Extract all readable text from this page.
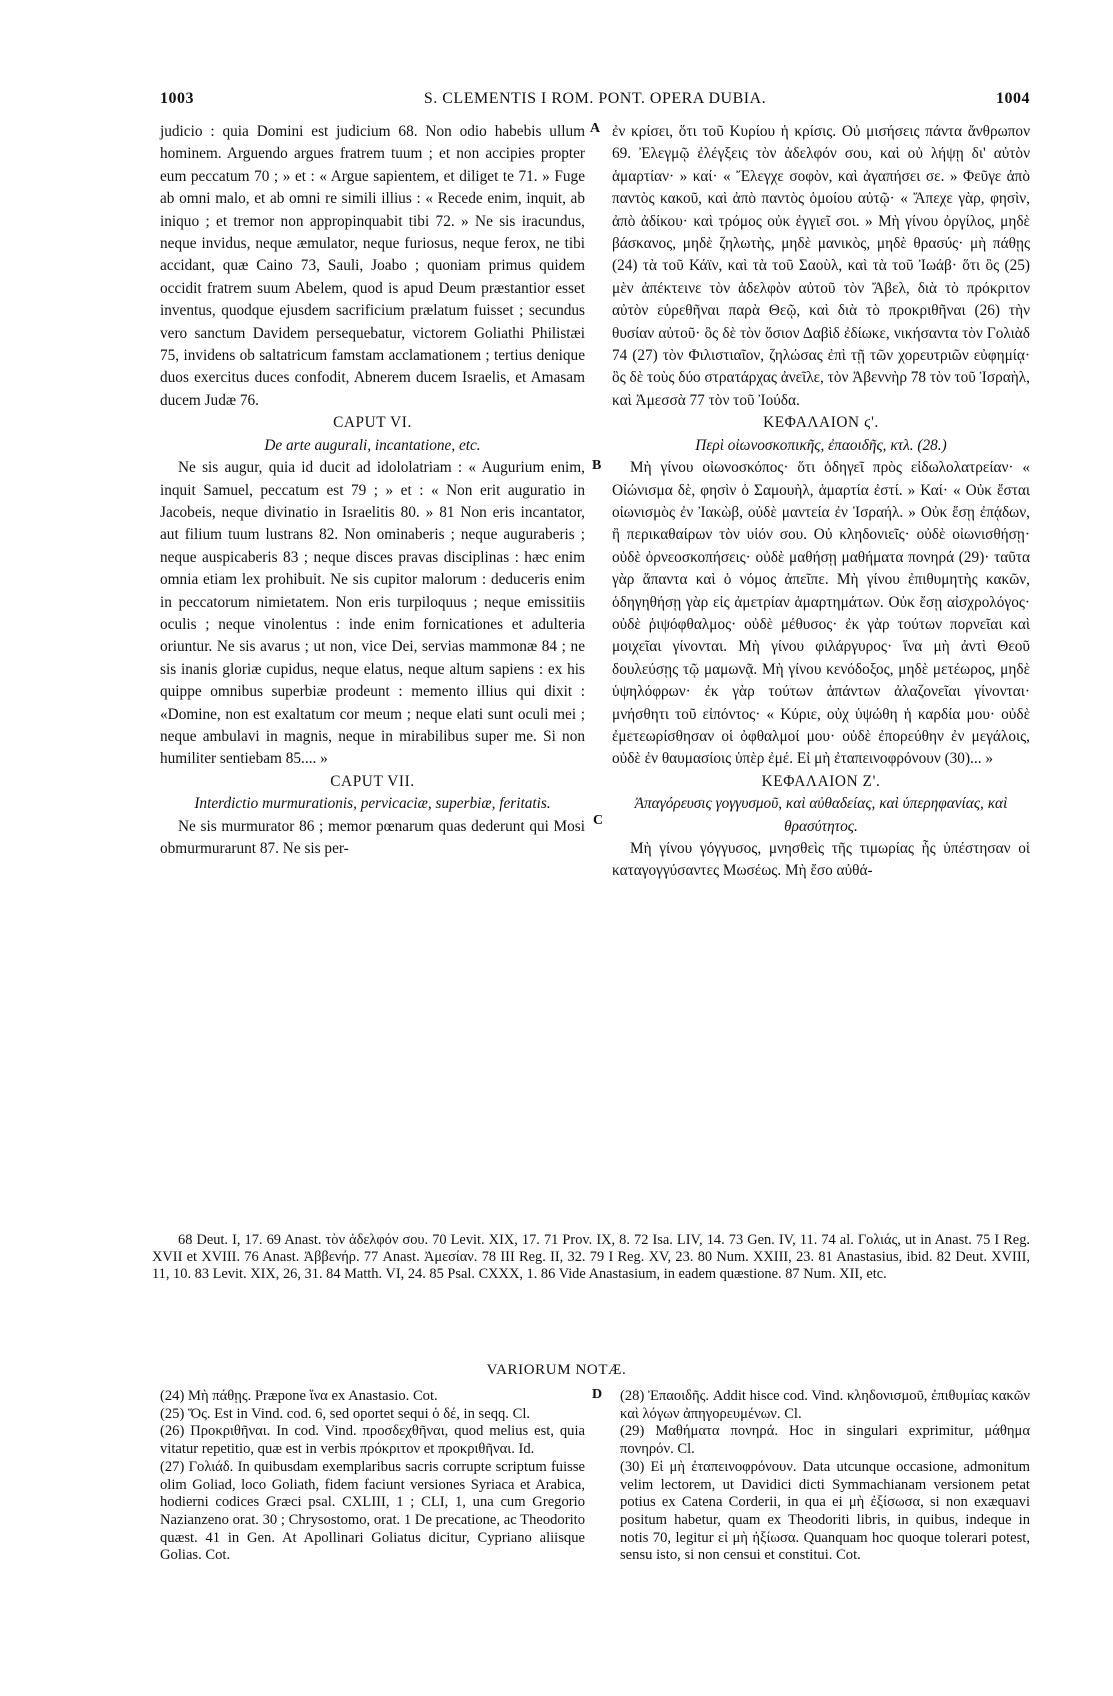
1003	S. CLEMENTIS I ROM. PONT. OPERA DUBIA.	1004
A
B
C
D

judicio : quia Domini est judicium 68. Non odio habebis ullum hominem. Arguendo argues fratrem tuum ; et non accipies propter eum peccatum 70 ; » et : « Argue sapientem, et diliget te 71. » Fuge ab omni malo, et ab omni re simili illius : « Recede enim, inquit, ab iniquo ; et tremor non appropinquabit tibi 72. » Ne sis iracundus, neque invidus, neque æmulator, neque furiosus, neque ferox, ne tibi accidant, quæ Caino 73, Sauli, Joabo ; quoniam primus quidem occidit fratrem suum Abelem, quod is apud Deum præstantior esset inventus, quodque ejusdem sacrificium prælatum fuisset ; secundus vero sanctum Davidem persequebatur, victorem Goliathi Philistæi 75, invidens ob saltatricum famstam acclamationem ; tertius denique duos exercitus duces confodit, Abnerem ducem Israelis, et Amasam ducem Judæ 76.

CAPUT VI.

De arte augurali, incantatione, etc.

Ne sis augur, quia id ducit ad idololatriam : « Augurium enim, inquit Samuel, peccatum est 79 ; » et : « Non erit auguratio in Jacobeis, neque divinatio in Israelitis 80. » 81 Non eris incantator, aut filium tuum lustrans 82. Non ominaberis ; neque augurаberis ; neque auspicaberis 83 ; neque disces pravas disciplinas : hæc enim omnia etiam lex prohibuit. Ne sis cupitor malorum : deduceris enim in peccatorum nimietatem. Non eris turpiloquus ; neque emissitiis oculis ; neque vinolentus : inde enim fornicationes et adulteria oriuntur. Ne sis avarus ; ut non, vice Dei, servias mammonæ 84 ; ne sis inanis gloriæ cupidus, neque elatus, neque altum sapiens : ex his quippe omnibus superbiæ prodeunt : memento illius qui dixit : «Domine, non est exaltatum cor meum ; neque elati sunt oculi mei ; neque ambulavi in magnis, neque in mirabilibus super me. Si non humiliter sentiebam 85.... »

CAPUT VII.

Interdictio murmurationis, pervicaciæ, superbiæ, feritatis.

Ne sis murmurator 86 ; memor pœnarum quas dederunt qui Mosi obmurmurarunt 87. Ne sis per-

ἐν κρίσει, ὅτι τοῦ Κυρίου ἡ κρίσις. Οὐ μισήσεις πάντα ἄνθρωπον 69. Ἐλεγμῷ ἐλέγξεις τὸν ἀδελφόν σου, καὶ οὐ λήψῃ δι' αὐτὸν ἁμαρτίαν· » καί· « Ἔλεγχε σοφὸν, καὶ ἀγαπήσει σε. » Φεῦγε ἀπὸ παντὸς κακοῦ, καὶ ἀπὸ παντὸς ὁμοίου αὐτῷ· « Ἄπεχε γὰρ, φησὶν, ἀπὸ ἀδίκου· καὶ τρόμος οὐκ ἐγγιεῖ σοι. » Μὴ γίνου ὀργίλος, μηδὲ βάσκανος, μηδὲ ζηλωτὴς, μηδὲ μανικὸς, μηδὲ θρασύς· μὴ πάθῃς (24) τὰ τοῦ Κάϊν, καὶ τὰ τοῦ Σαοὺλ, καὶ τὰ τοῦ Ἰωάβ· ὅτι ὃς (25) μὲν ἀπέκτεινε τὸν ἀδελφὸν αὐτοῦ τὸν Ἄβελ, διὰ τὸ πρόκριτον αὐτὸν εὑρεθῆναι παρὰ Θεῷ, καὶ διὰ τὸ προκριθῆναι (26) τὴν θυσίαν αὐτοῦ· ὃς δὲ τὸν ὅσιον Δαβὶδ ἐδίωκε, νικήσαντα τὸν Γολιὰδ 74 (27) τὸν Φιλιστιαῖον, ζηλώσας ἐπὶ τῇ τῶν χορευτριῶν εὐφημίᾳ· ὃς δὲ τοὺς δύο στρατάρχας ἀνεῖλε, τὸν Ἀβεννὴρ 78 τὸν τοῦ Ἰσραὴλ, καὶ Ἀμεσσὰ 77 τὸν τοῦ Ἰούδα.

ΚΕΦΑΛΑΙΟΝ ϛ'.

Περὶ οἰωνοσκοπικῆς, ἐπαοιδῆς, κτλ. (28.)

Μὴ γίνου οἰωνοσκόπος· ὅτι ὁδηγεῖ πρὸς εἰδωλολατρείαν· « Οἰώνισμα δὲ, φησὶν ὁ Σαμουὴλ, ἁμαρτία ἐστί. » Καί· « Οὐκ ἔσται οἰωνισμὸς ἐν Ἰακὼβ, οὐδὲ μαντεία ἐν Ἰσραήλ. » Οὐκ ἔσῃ ἐπᾴδων, ἢ περικαθαίρων τὸν υἱόν σου. Οὐ κληδονιεῖς· οὐδὲ οἰωνισθήσῃ· οὐδὲ ὀρνεοσκοπήσεις· οὐδὲ μαθήσῃ μαθήματα πονηρά (29)· ταῦτα γὰρ ἅπαντα καὶ ὁ νόμος ἀπεῖπε. Μὴ γίνου ἐπιθυμητὴς κακῶν, ὁδηγηθήσῃ γὰρ εἰς ἀμετρίαν ἁμαρτημάτων. Οὐκ ἔσῃ αἰσχρολόγος· οὐδὲ ῥιψόφθαλμος· οὐδὲ μέθυσος· ἐκ γὰρ τούτων πορνεῖαι καὶ μοιχεῖαι γίνονται. Μὴ γίνου φιλάργυρος· ἵνα μὴ ἀντὶ Θεοῦ δουλεύσῃς τῷ μαμωνᾷ. Μὴ γίνου κενόδοξος, μηδὲ μετέωρος, μηδὲ ὑψηλόφρων· ἐκ γὰρ τούτων ἁπάντων ἀλαζονεῖαι γίνονται· μνήσθητι τοῦ εἰπόντος· « Κύριε, οὐχ ὑψώθη ἡ καρδία μου· οὐδὲ ἐμετεωρίσθησαν οἱ ὀφθαλμοί μου· οὐδὲ ἐπορεύθην ἐν μεγάλοις, οὐδὲ ἐν θαυμασίοις ὑπὲρ ἐμέ. Εἰ μὴ ἐταπεινοφρόνουν (30)... »

ΚΕΦΑΛΑΙΟΝ Ζ'.

Ἀπαγόρευσις γογγυσμοῦ, καὶ αὐθαδείας, καὶ ὑπερηφανίας, καὶ θρασύτητος.

Μὴ γίνου γόγγυσος, μνησθεὶς τῆς τιμωρίας ἧς ὑπέστησαν οἱ καταγογγύσαντες Μωσέως. Μὴ ἔσο αὐθά-

68 Deut. I, 17. 69 Anast. τὸν ἀδελφόν σου. 70 Levit. XIX, 17. 71 Prov. IX, 8. 72 Isa. LIV, 14. 73 Gen. IV, 11. 74 al. Γολιάς, ut in Anast. 75 I Reg. XVII et XVIII. 76 Anast. Ἀββενήρ. 77 Anast. Ἀμεσίαν. 78 III Reg. II, 32. 79 I Reg. XV, 23. 80 Num. XXIII, 23. 81 Anastasius, ibid. 82 Deut. XVIII, 11, 10. 83 Levit. XIX, 26, 31. 84 Matth. VI, 24. 85 Psal. CXXX, 1. 86 Vide Anastasium, in eadem quæstione. 87 Num. XII, etc.

VARIORUM NOTÆ.

(24) Μὴ πάθῃς. Præpone ἵνα ex Anastasio. Cot.

(25) Ὅς. Est in Vind. cod. 6, sed oportet sequi ὁ δέ, in seqq. Cl.

(26) Προκριθῆναι. In cod. Vind. προσδεχθῆναι, quod melius est, quia vitatur repetitio, quæ est in verbis πρόκριτον et προκριθῆναι. Id.

(27) Γολιάδ. In quibusdam exemplaribus sacris corrupte scriptum fuisse olim Goliad, loco Goliath, fidem faciunt versiones Syriaca et Arabica, hodierni codices Græci psal. CXLIII, 1 ; CLI, 1, una cum Gregorio Nazianzeno orat. 30 ; Chrysostomo, orat. 1 De precatione, ac Theodorito quæst. 41 in Gen. At Apollinari Goliatus dicitur, Cypriano aliisque Golias. Cot.

(28) Ἐπαοιδῆς. Addit hisce cod. Vind. κληδονισμοῦ, ἐπιθυμίας κακῶν καὶ λόγων ἀπηγορευμένων. Cl.

(29) Μαθήματα πονηρά. Hoc in singulari exprimitur, μάθημα πονηρόν. Cl.

(30) Εἰ μὴ ἐταπεινοφρόνουν. Data utcunque occasione, admonitum velim lectorem, ut Davidici dicti Symmachianam versionem petat potius ex Catena Corderii, in qua ei μὴ ἐξίσωσα, si non exæquavi positum habetur, quam ex Theodoriti libris, in quibus, indeque in notis 70, legitur εἰ μὴ ἠξίωσα. Quanquam hoc quoque tolerari potest, sensu isto, si non censui et constitui. Cot.
